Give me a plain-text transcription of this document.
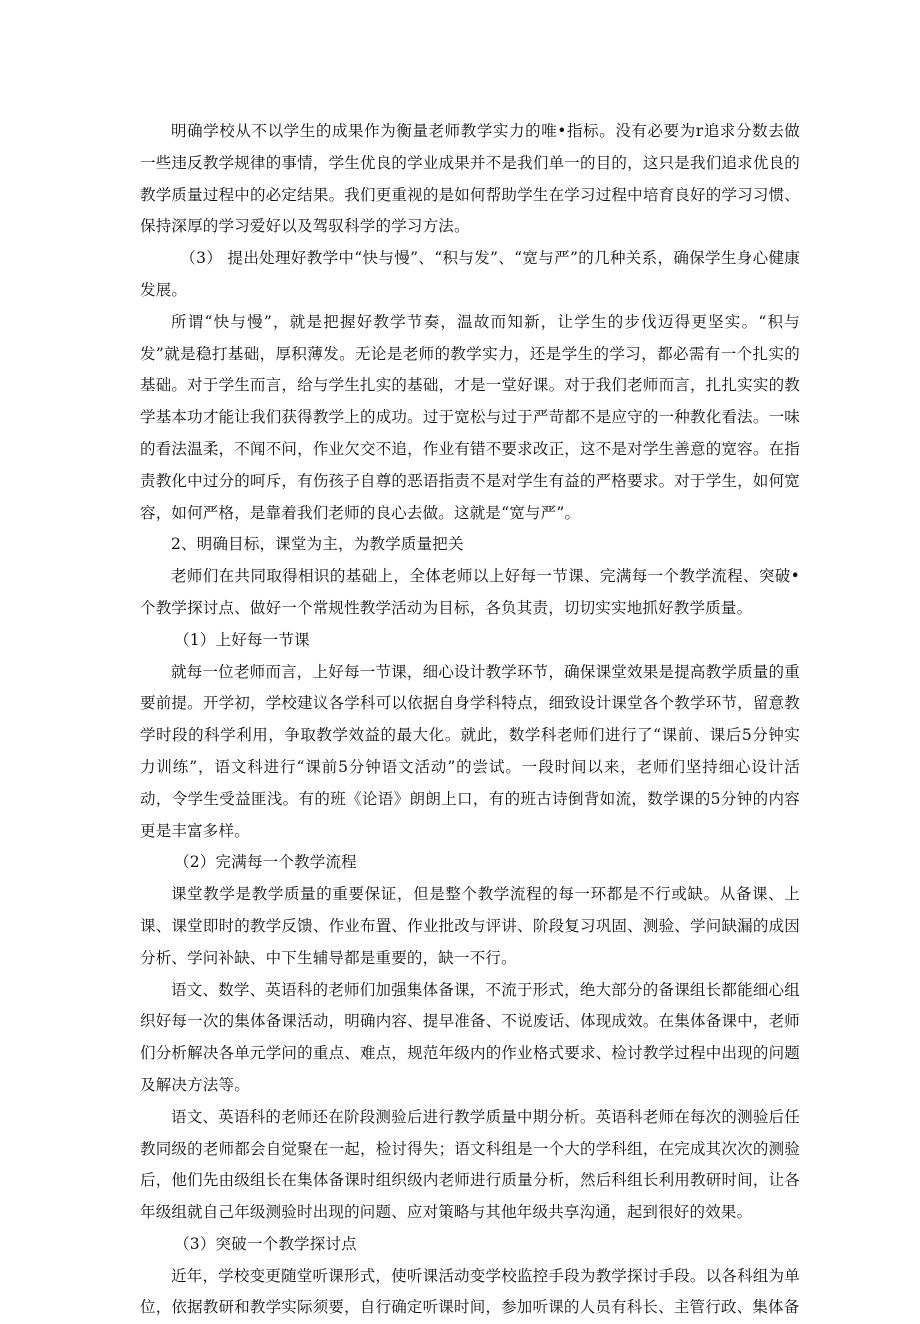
明确学校从不以学生的成果作为衡量老师教学实力的唯•指标。没有必要为r追求分数去做一些违反教学规律的事情，学生优良的学业成果并不是我们单一的目的，这只是我们追求优良的教学质量过程中的必定结果。我们更重视的是如何帮助学生在学习过程中培育良好的学习习惯、保持深厚的学习爱好以及驾驭科学的学习方法。

（3） 提出处理好教学中“快与慢”、“积与发”、“宽与严”的几种关系，确保学生身心健康发展。

所谓“快与慢”，就是把握好教学节奏，温故而知新，让学生的步伐迈得更坚实。“积与发”就是稳打基础，厚积薄发。无论是老师的教学实力，还是学生的学习，都必需有一个扎实的基础。对于学生而言，给与学生扎实的基础，才是一堂好课。对于我们老师而言，扎扎实实的教学基本功才能让我们获得教学上的成功。过于宽松与过于严苛都不是应守的一种教化看法。一味的看法温柔，不闻不问，作业欠交不追，作业有错不要求改正，这不是对学生善意的宽容。在指责教化中过分的呵斥，有伤孩子自尊的恶语指责不是对学生有益的严格要求。对于学生，如何宽容，如何严格，是靠着我们老师的良心去做。这就是“宽与严”。

2、明确目标，课堂为主，为教学质量把关

老师们在共同取得相识的基础上，全体老师以上好每一节课、完满每一个教学流程、突破•个教学探讨点、做好一个常规性教学活动为目标，各负其责，切切实实地抓好教学质量。

（1）上好每一节课

就每一位老师而言，上好每一节课，细心设计教学环节，确保课堂效果是提高教学质量的重要前提。开学初，学校建议各学科可以依据自身学科特点，细致设计课堂各个教学环节，留意教学时段的科学利用，争取教学效益的最大化。就此，数学科老师们进行了“课前、课后5分钟实力训练”，语文科进行“课前5分钟语文活动”的尝试。一段时间以来，老师们坚持细心设计活动，令学生受益匪浅。有的班《论语》朗朗上口，有的班古诗倒背如流，数学课的5分钟的内容更是丰富多样。

（2）完满每一个教学流程

课堂教学是教学质量的重要保证，但是整个教学流程的每一环都是不行或缺。从备课、上课、课堂即时的教学反馈、作业布置、作业批改与评讲、阶段复习巩固、测验、学问缺漏的成因分析、学问补缺、中下生辅导都是重要的，缺一不行。

语文、数学、英语科的老师们加强集体备课，不流于形式，绝大部分的备课组长都能细心组织好每一次的集体备课活动，明确内容、提早准备、不说废话、体现成效。在集体备课中，老师们分析解决各单元学问的重点、难点，规范年级内的作业格式要求、检讨教学过程中出现的问题及解决方法等。

语文、英语科的老师还在阶段测验后进行教学质量中期分析。英语科老师在每次的测验后任教同级的老师都会自觉聚在一起，检讨得失；语文科组是一个大的学科组，在完成其次次的测验后，他们先由级组长在集体备课时组织级内老师进行质量分析，然后科组长利用教研时间，让各年级组就自己年级测验时出现的问题、应对策略与其他年级共享沟通，起到很好的效果。

（3）突破一个教学探讨点

近年，学校变更随堂听课形式，使听课活动变学校监控手段为教学探讨手段。以各科组为单位，依据教研和教学实际须要，自行确定听课时间，参加听课的人员有科长、主管行政、集体备
